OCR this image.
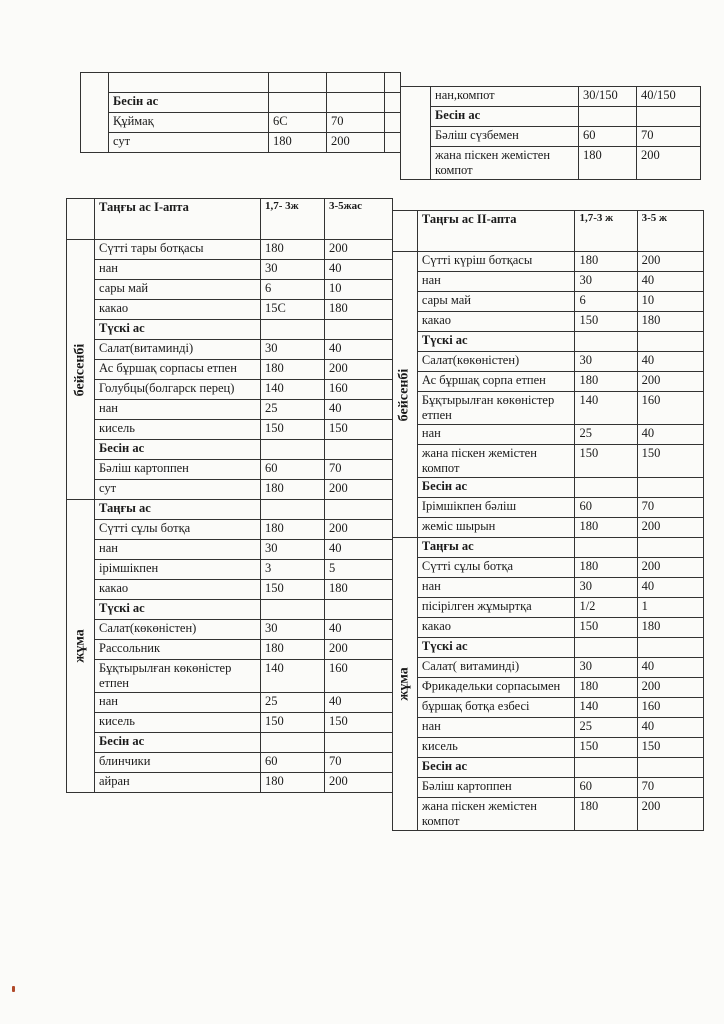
	Бесін ас			
	Құймақ	6С	70	
	сут	180	200	
	нан,компот	30/150	40/150
	Бесін ас		
	Бәліш сүзбемен	60	70
	жана піскен жемістен компот	180	200
	Таңғы ас І-апта	1,7- 3ж	3-5жас

бейсенбі	Сүтті тары ботқасы	180	200
	нан	30	40
	сары май	6	10
	какао	15С	180
	Түскі ас		
	Салат(витаминді)	30	40
	Ас бұршақ сорпасы етпен	180	200
	Голубцы(болгарск перец)	140	160
	нан	25	40
	кисель	150	150
	Бесін ас		
	Бәліш картоппен	60	70
	сут	180	200

жұма	Таңғы ас		
	Сүтті сұлы ботқа	180	200
	нан	30	40
	ірімшікпен	3	5
	какао	150	180
	Түскі ас		
	Салат(көкөністен)	30	40
	Рассольник	180	200
	Бұқтырылған көкөністер етпен	140	160
	нан	25	40
	кисель	150	150
	Бесін ас		
	блинчики	60	70
	айран	180	200
	Таңғы ас ІІ-апта	1,7-3 ж	3-5 ж

бейсенбі	Сүтті күріш ботқасы	180	200
	нан	30	40
	сары май	6	10
	какао	150	180
	Түскі ас		
	Салат(көкөністен)	30	40
	Ас бұршақ сорпа етпен	180	200
	Бұқтырылған көкөністер етпен	140	160
	нан	25	40
	жана піскен жемістен компот	150	150
	Бесін ас		
	Ірімшікпен бәліш	60	70
	жеміс шырын	180	200

жұма	Таңғы ас		
	Сүтті сұлы ботқа	180	200
	нан	30	40
	пісірілген жұмыртқа	1/2	1
	какао	150	180
	Түскі ас		
	Салат( витаминді)	30	40
	Фрикадельки сорпасымен	180	200
	бұршақ ботқа езбесі	140	160
	нан	25	40
	кисель	150	150
	Бесін ас		
	Бәліш картоппен	60	70
	жана піскен жемістен компот	180	200
